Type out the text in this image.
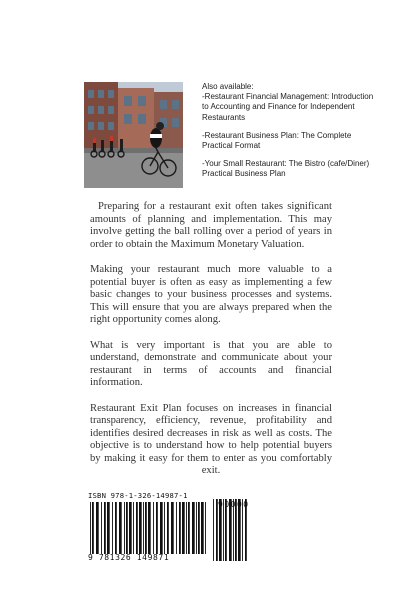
Also available:

-Restaurant Financial Management: Introduction to Accounting and Finance for Independent Restaurants

-Restaurant Business Plan: The Complete Practical Format

-Your Small Restaurant: The Bistro (cafe/Diner) Practical Business Plan

Preparing for a restaurant exit often takes significant amounts of planning and implementation. This may involve getting the ball rolling over a period of years in order to obtain the Maximum Monetary Valuation.

Making your restaurant much more valuable to a potential buyer is often as easy as implementing a few basic changes to your business processes and systems. This will ensure that you are always prepared when the right opportunity comes along.

What is very important is that you are able to understand, demonstrate and communicate about your restaurant in terms of accounts and financial information.

Restaurant Exit Plan focuses on increases in financial transparency, efficiency, revenue, profitability and identifies desired decreases in risk as well as costs. The objective is to understand how to help potential buyers by making it easy for them to enter as you comfortably exit.

ISBN 978-1-326-14987-1
9 781326 149871
90000
